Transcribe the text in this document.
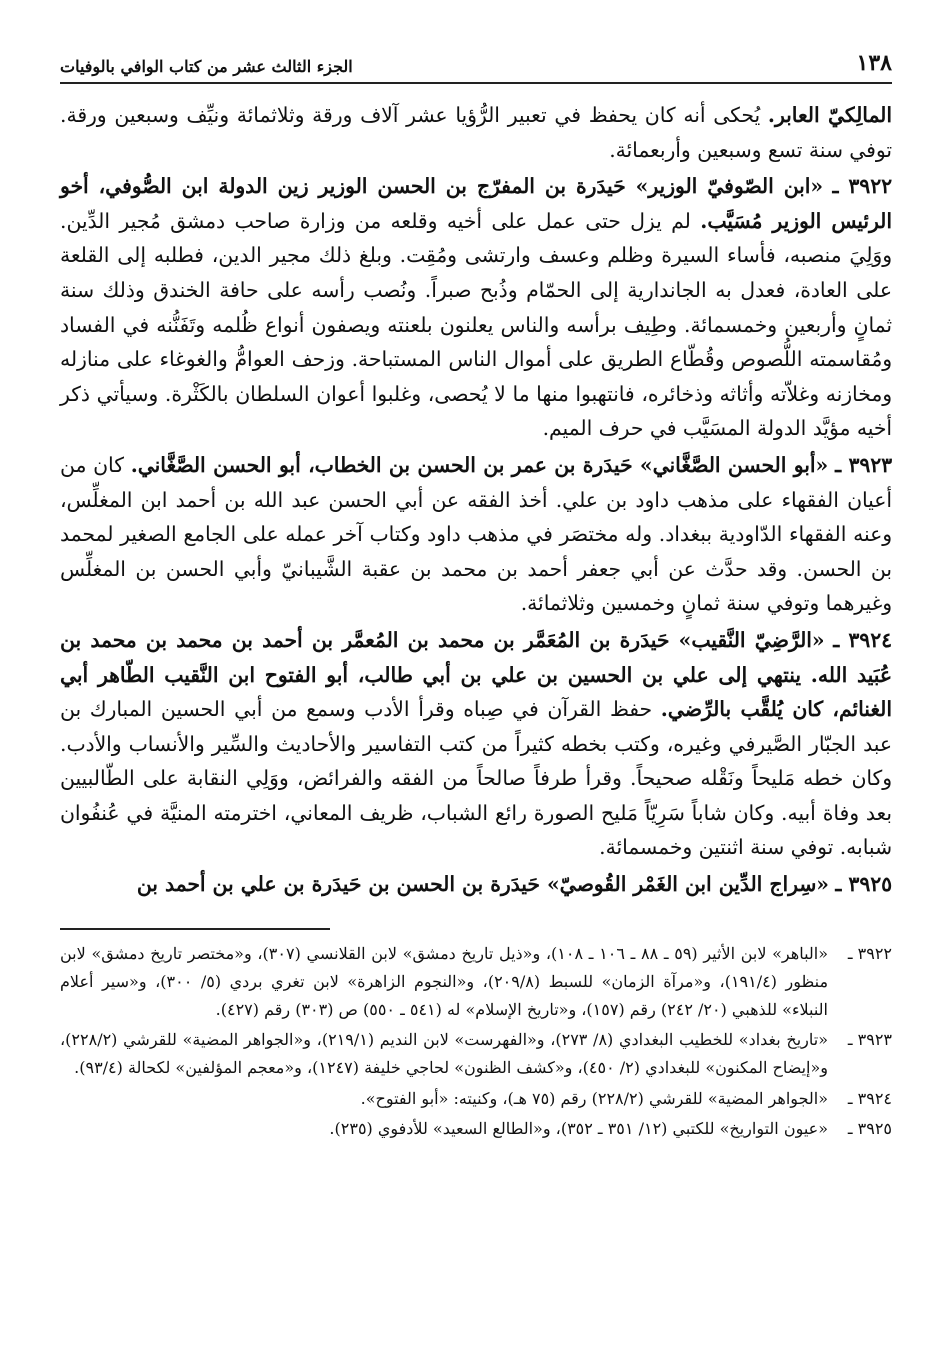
١٣٨
الجزء الثالث عشر من كتاب الوافي بالوفيات

المالِكيّ العابر. يُحكى أنه كان يحفظ في تعبير الرُّؤيا عشر آلاف ورقة وثلاثمائة ونيِّف وسبعين ورقة. توفي سنة تسع وسبعين وأربعمائة.

٣٩٢٢ ـ «ابن الصّوفيّ الوزير» حَيدَرة بن المفرّج بن الحسن الوزير زين الدولة ابن الصُّوفي، أخو الرئيس الوزير مُسَيَّب. لم يزل حتى عمل على أخيه وقلعه من وزارة صاحب دمشق مُجير الدِّين. ووَلِيَ منصبه، فأساء السيرة وظلم وعسف وارتشى ومُقِت. وبلغ ذلك مجير الدين، فطلبه إلى القلعة على العادة، فعدل به الجاندارية إلى الحمّام وذُبح صبراً. ونُصب رأسه على حافة الخندق وذلك سنة ثمانٍ وأربعين وخمسمائة. وطِيف برأسه والناس يعلنون بلعنته ويصفون أنواع ظُلمه وتَفَنُّنه في الفساد ومُقاسمته اللُّصوص وقُطّاع الطريق على أموال الناس المستباحة. وزحف العوامُّ والغوغاء على منازله ومخازنه وغلاّته وأثاثه وذخائره، فانتهبوا منها ما لا يُحصى، وغلبوا أعوان السلطان بالكَثْرة. وسيأتي ذكر أخيه مؤيَّد الدولة المسَيَّب في حرف الميم.

٣٩٢٣ ـ «أبو الحسن الصَّغَّاني» حَيدَرة بن عمر بن الحسن بن الخطاب، أبو الحسن الصَّغَّاني. كان من أعيان الفقهاء على مذهب داود بن علي. أخذ الفقه عن أبي الحسن عبد الله بن أحمد ابن المغلِّس، وعنه الفقهاء الدّاودية ببغداد. وله مختصَر في مذهب داود وكتاب آخر عمله على الجامع الصغير لمحمد بن الحسن. وقد حدَّث عن أبي جعفر أحمد بن محمد بن عقبة الشَّيبانيّ وأبي الحسن بن المغلِّس وغيرهما وتوفي سنة ثمانٍ وخمسين وثلاثمائة.

٣٩٢٤ ـ «الرَّضِيّ النَّقيب» حَيدَرة بن المُعَمَّر بن محمد بن المُعمَّر بن أحمد بن محمد بن محمد بن عُبَيد الله. ينتهي إلى علي بن الحسين بن علي بن أبي طالب، أبو الفتوح ابن النَّقيب الطّاهر أبي الغنائم، كان يُلقَّب بالرِّضي. حفظ القرآن في صِباه وقرأ الأدب وسمع من أبي الحسين المبارك بن عبد الجبّار الصَّيرفي وغيره، وكتب بخطه كثيراً من كتب التفاسير والأحاديث والسِّير والأنساب والأدب. وكان خطه مَليحاً ونَقْله صحيحاً. وقرأ طرفاً صالحاً من الفقه والفرائض، ووَلِي النقابة على الطّالبيين بعد وفاة أبيه. وكان شاباً سَرِيّاً مَليح الصورة رائع الشباب، ظريف المعاني، اخترمته المنيَّة في عُنفُوان شبابه. توفي سنة اثنتين وخمسمائة.

٣٩٢٥ ـ «سِراج الدِّين ابن الغَمْر القُوصيّ» حَيدَرة بن الحسن بن حَيدَرة بن علي بن أحمد بن

٣٩٢٢ ـ
«الباهر» لابن الأثير (٥٩ ـ ٨٨ ـ ١٠٦ ـ ١٠٨)، و«ذيل تاريخ دمشق» لابن القلانسي (٣٠٧)، و«مختصر تاريخ دمشق» لابن منظور (١٩١/٤)، و«مرآة الزمان» للسبط (٢٠٩/٨)، و«النجوم الزاهرة» لابن تغري بردي (٥/ ٣٠٠)، و«سير أعلام النبلاء» للذهبي (٢٠/ ٢٤٢) رقم (١٥٧)، و«تاريخ الإسلام» له (٥٤١ ـ ٥٥٠) ص (٣٠٣) رقم (٤٢٧).
٣٩٢٣ ـ
«تاريخ بغداد» للخطيب البغدادي (٨/ ٢٧٣)، و«الفهرست» لابن النديم (٢١٩/١)، و«الجواهر المضية» للقرشي (٢٢٨/٢)، و«إيضاح المكنون» للبغدادي (٢/ ٤٥٠)، و«كشف الظنون» لحاجي خليفة (١٢٤٧)، و«معجم المؤلفين» لكحالة (٩٣/٤).
٣٩٢٤ ـ
«الجواهر المضية» للقرشي (٢٢٨/٢) رقم (٧٥ هـ)، وكنيته: «أبو الفتوح».
٣٩٢٥ ـ
«عيون التواريخ» للكتبي (١٢/ ٣٥١ ـ ٣٥٢)، و«الطالع السعيد» للأدفوي (٢٣٥).
